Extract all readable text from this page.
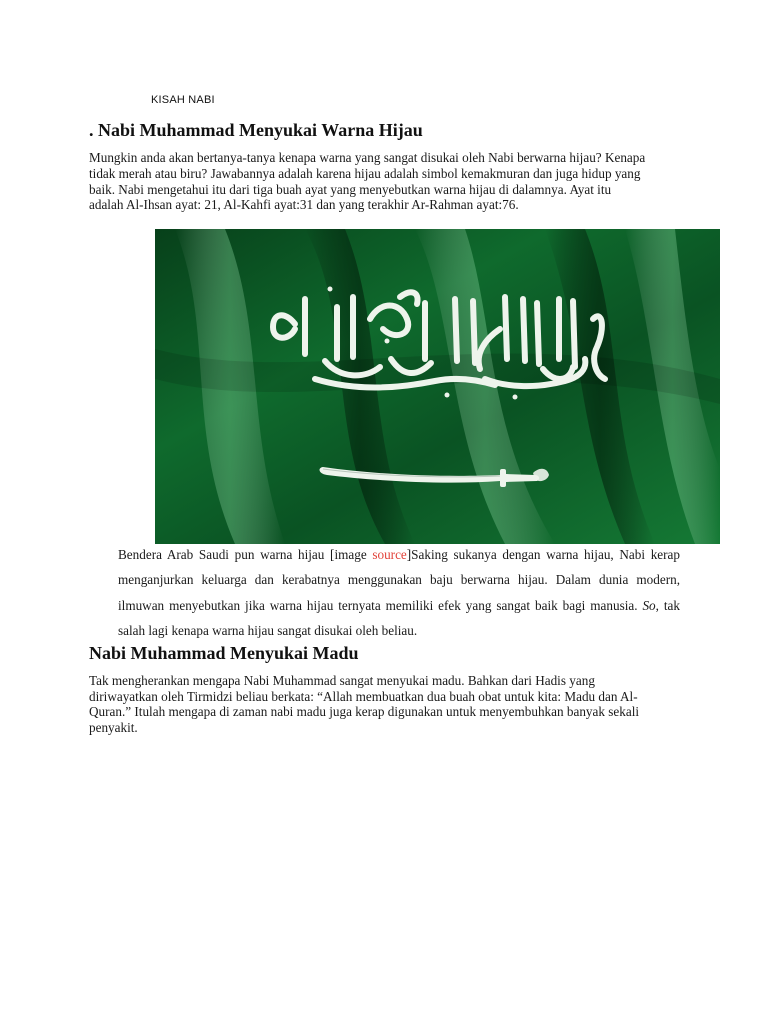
KISAH NABI
. Nabi Muhammad Menyukai Warna Hijau
Mungkin anda akan bertanya-tanya kenapa warna yang sangat disukai oleh Nabi berwarna hijau? Kenapa
tidak merah atau biru? Jawabannya adalah karena hijau adalah simbol kemakmuran dan juga hidup yang
baik. Nabi mengetahui itu dari tiga buah ayat yang menyebutkan warna hijau di dalamnya. Ayat itu
adalah Al-Ihsan ayat: 21, Al-Kahfi ayat:31 dan yang terakhir Ar-Rahman ayat:76.
Bendera Arab Saudi pun warna hijau [image source]Saking sukanya dengan warna hijau, Nabi kerap menganjurkan keluarga dan kerabatnya menggunakan baju berwarna hijau. Dalam dunia modern, ilmuwan menyebutkan jika warna hijau ternyata memiliki efek yang sangat baik bagi manusia. So, tak salah lagi kenapa warna hijau sangat disukai oleh beliau.
Nabi Muhammad Menyukai Madu
Tak mengherankan mengapa Nabi Muhammad sangat menyukai madu. Bahkan dari Hadis yang
diriwayatkan oleh Tirmidzi beliau berkata: “Allah membuatkan dua buah obat untuk kita: Madu dan Al-
Quran.” Itulah mengapa di zaman nabi madu juga kerap digunakan untuk menyembuhkan banyak sekali
penyakit.
